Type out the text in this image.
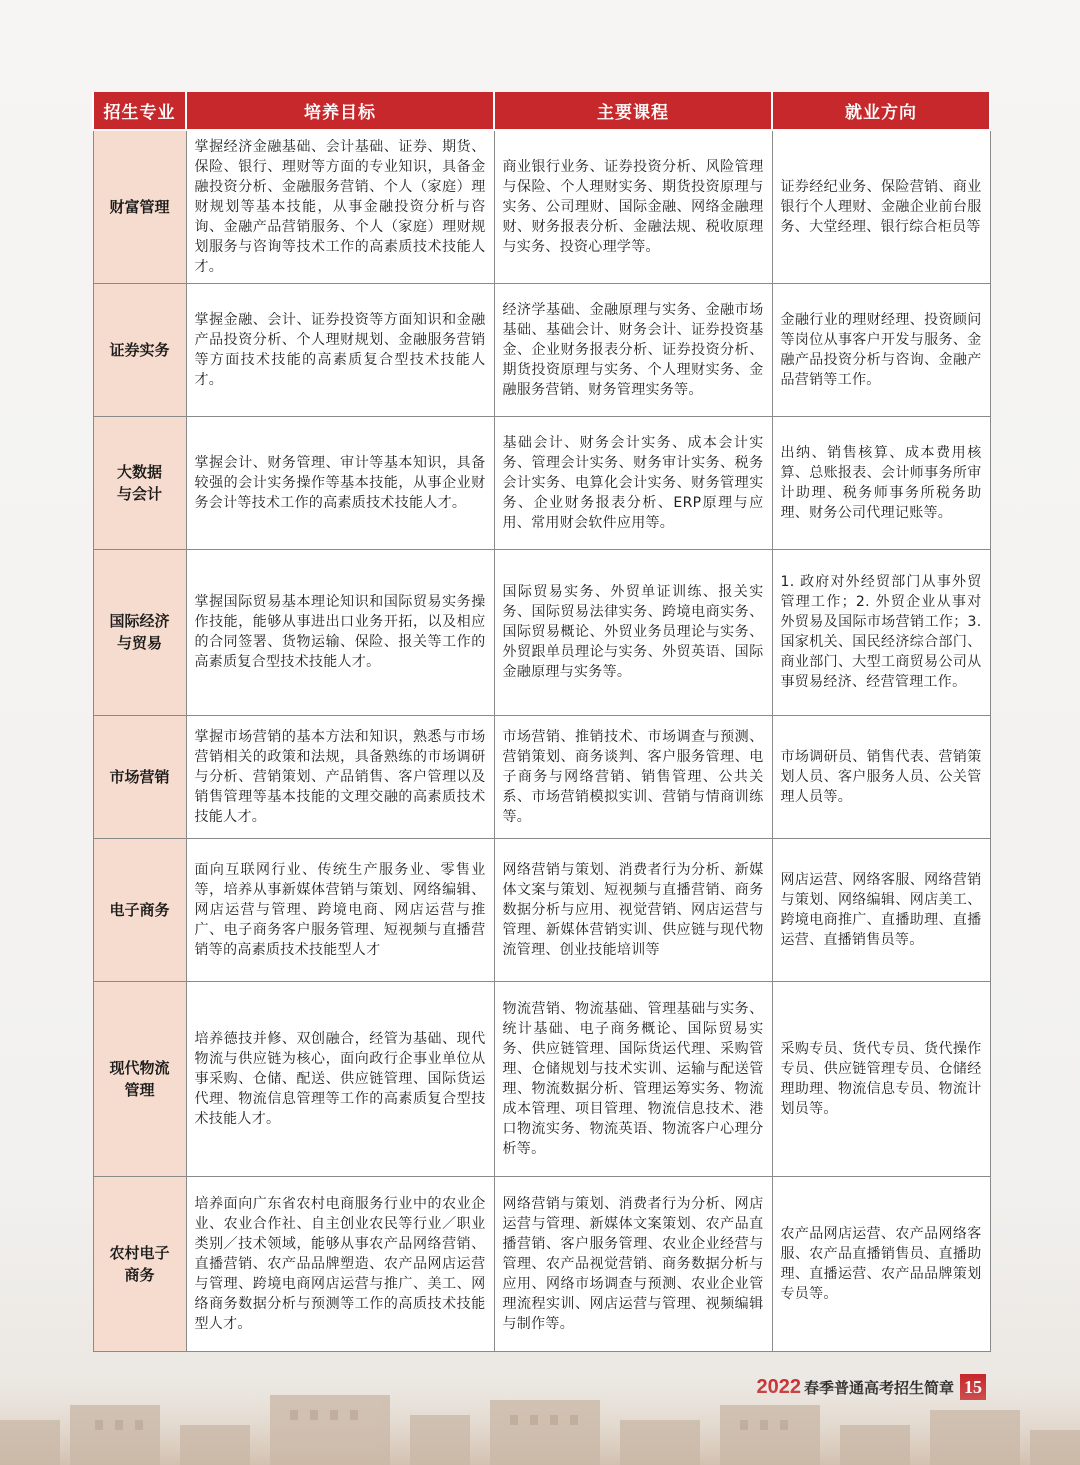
招生专业	培养目标	主要课程	就业方向
财富管理	掌握经济金融基础、会计基础、证券、期货、保险、银行、理财等方面的专业知识，具备金融投资分析、金融服务营销、个人（家庭）理财规划等基本技能，从事金融投资分析与咨询、金融产品营销服务、个人（家庭）理财规划服务与咨询等技术工作的高素质技术技能人才。	商业银行业务、证券投资分析、风险管理与保险、个人理财实务、期货投资原理与实务、公司理财、国际金融、网络金融理财、财务报表分析、金融法规、税收原理与实务、投资心理学等。	证券经纪业务、保险营销、商业银行个人理财、金融企业前台服务、大堂经理、银行综合柜员等
证券实务	掌握金融、会计、证券投资等方面知识和金融产品投资分析、个人理财规划、金融服务营销等方面技术技能的高素质复合型技术技能人才。	经济学基础、金融原理与实务、金融市场基础、基础会计、财务会计、证券投资基金、企业财务报表分析、证券投资分析、期货投资原理与实务、个人理财实务、金融服务营销、财务管理实务等。	金融行业的理财经理、投资顾问等岗位从事客户开发与服务、金融产品投资分析与咨询、金融产品营销等工作。
大数据与会计	掌握会计、财务管理、审计等基本知识，具备较强的会计实务操作等基本技能，从事企业财务会计等技术工作的高素质技术技能人才。	基础会计、财务会计实务、成本会计实务、管理会计实务、财务审计实务、税务会计实务、电算化会计实务、财务管理实务、企业财务报表分析、ERP原理与应用、常用财会软件应用等。	出纳、销售核算、成本费用核算、总账报表、会计师事务所审计助理、税务师事务所税务助理、财务公司代理记账等。
国际经济与贸易	掌握国际贸易基本理论知识和国际贸易实务操作技能，能够从事进出口业务开拓，以及相应的合同签署、货物运输、保险、报关等工作的高素质复合型技术技能人才。	国际贸易实务、外贸单证训练、报关实务、国际贸易法律实务、跨境电商实务、国际贸易概论、外贸业务员理论与实务、外贸跟单员理论与实务、外贸英语、国际金融原理与实务等。	1. 政府对外经贸部门从事外贸管理工作；2. 外贸企业从事对外贸易及国际市场营销工作；3. 国家机关、国民经济综合部门、商业部门、大型工商贸易公司从事贸易经济、经营管理工作。
市场营销	掌握市场营销的基本方法和知识，熟悉与市场营销相关的政策和法规，具备熟练的市场调研与分析、营销策划、产品销售、客户管理以及销售管理等基本技能的文理交融的高素质技术技能人才。	市场营销、推销技术、市场调查与预测、营销策划、商务谈判、客户服务管理、电子商务与网络营销、销售管理、公共关系、市场营销模拟实训、营销与情商训练等。	市场调研员、销售代表、营销策划人员、客户服务人员、公关管理人员等。
电子商务	面向互联网行业、传统生产服务业、零售业等，培养从事新媒体营销与策划、网络编辑、网店运营与管理、跨境电商、网店运营与推广、电子商务客户服务管理、短视频与直播营销等的高素质技术技能型人才	网络营销与策划、消费者行为分析、新媒体文案与策划、短视频与直播营销、商务数据分析与应用、视觉营销、网店运营与管理、新媒体营销实训、供应链与现代物流管理、创业技能培训等	网店运营、网络客服、网络营销与策划、网络编辑、网店美工、跨境电商推广、直播助理、直播运营、直播销售员等。
现代物流管理	培养德技并修、双创融合，经管为基础、现代物流与供应链为核心，面向政行企事业单位从事采购、仓储、配送、供应链管理、国际货运代理、物流信息管理等工作的高素质复合型技术技能人才。	物流营销、物流基础、管理基础与实务、统计基础、电子商务概论、国际贸易实务、供应链管理、国际货运代理、采购管理、仓储规划与技术实训、运输与配送管理、物流数据分析、管理运筹实务、物流成本管理、项目管理、物流信息技术、港口物流实务、物流英语、物流客户心理分析等。	采购专员、货代专员、货代操作专员、供应链管理专员、仓储经理助理、物流信息专员、物流计划员等。
农村电子商务	培养面向广东省农村电商服务行业中的农业企业、农业合作社、自主创业农民等行业／职业类别／技术领域，能够从事农产品网络营销、直播营销、农产品品牌塑造、农产品网店运营与管理、跨境电商网店运营与推广、美工、网络商务数据分析与预测等工作的高质技术技能型人才。	网络营销与策划、消费者行为分析、网店运营与管理、新媒体文案策划、农产品直播营销、客户服务管理、农业企业经营与管理、农产品视觉营销、商务数据分析与应用、网络市场调查与预测、农业企业管理流程实训、网店运营与管理、视频编辑与制作等。	农产品网店运营、农产品网络客服、农产品直播销售员、直播助理、直播运营、农产品品牌策划专员等。
